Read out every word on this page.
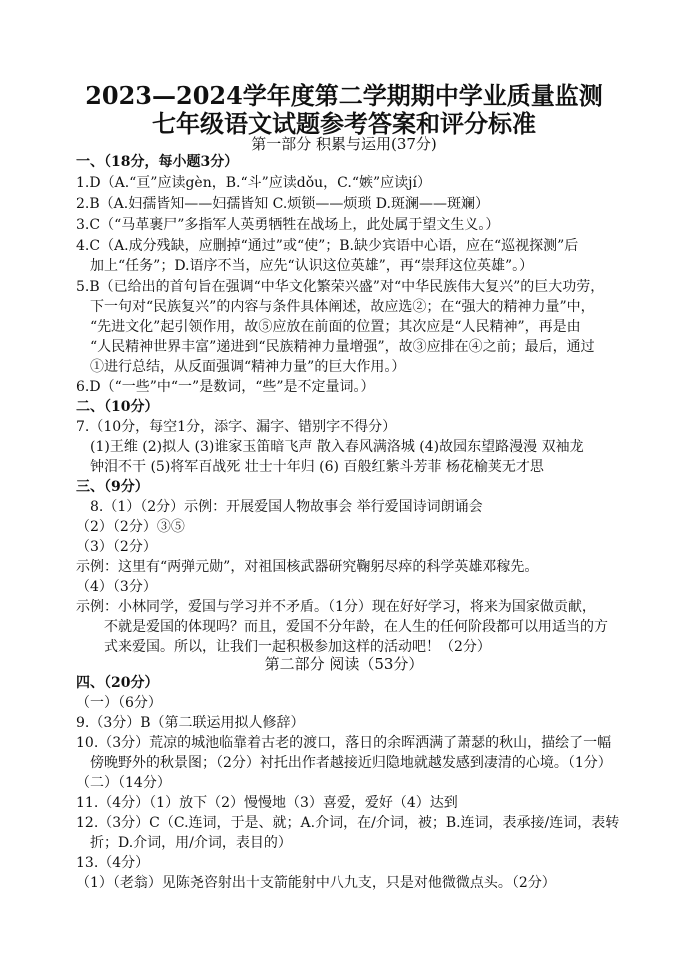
2023—2024学年度第二学期期中学业质量监测
七年级语文试题参考答案和评分标准
第一部分 积累与运用(37分)
一、（18分，每小题3分）
1.D（A.“亘”应读gèn，B.“斗”应读dǒu，C.“嫉”应读jí）
2.B（A.妇孺皆知——妇孺皆知 C.烦锁——烦琐 D.斑澜——斑斓）
3.C（“马革裹尸”多指军人英勇牺牲在战场上，此处属于望文生义。）
4.C（A.成分残缺，应删掉“通过”或“使”；B.缺少宾语中心语，应在“巡视探测”后
加上“任务”；D.语序不当，应先“认识这位英雄”，再“崇拜这位英雄”。）
5.B（已给出的首句旨在强调“中华文化繁荣兴盛”对“中华民族伟大复兴”的巨大功劳，
下一句对“民族复兴”的内容与条件具体阐述，故应选②；在“强大的精神力量”中，
“先进文化”起引领作用，故⑤应放在前面的位置；其次应是“人民精神”，再是由
“人民精神世界丰富”递进到“民族精神力量增强”，故③应排在④之前；最后，通过
①进行总结，从反面强调“精神力量”的巨大作用。）
6.D（“一些”中“一”是数词，“些”是不定量词。）
二、（10分）
7.（10分，每空1分，添字、漏字、错别字不得分）
(1)王维 (2)拟人 (3)谁家玉笛暗飞声 散入春风满洛城 (4)故园东望路漫漫 双袖龙
钟泪不干 (5)将军百战死 壮士十年归 (6) 百般红紫斗芳菲 杨花榆荚无才思
三、（9分）
8.（1）（2分）示例：开展爱国人物故事会 举行爱国诗词朗诵会
（2）（2分）③⑤
（3）（2分）
示例：这里有“两弹元勋”，对祖国核武器研究鞠躬尽瘁的科学英雄邓稼先。
（4）（3分）
示例：小林同学，爱国与学习并不矛盾。（1分）现在好好学习，将来为国家做贡献，
不就是爱国的体现吗？而且，爱国不分年龄，在人生的任何阶段都可以用适当的方
式来爱国。所以，让我们一起积极参加这样的活动吧！（2分）
第二部分 阅读（53分）
四、（20分）
（一）（6分）
9.（3分）B（第二联运用拟人修辞）
10.（3分）荒凉的城池临靠着古老的渡口，落日的余晖洒满了萧瑟的秋山，描绘了一幅
傍晚野外的秋景图；（2分）衬托出作者越接近归隐地就越发感到凄清的心境。（1分）
（二）（14分）
11.（4分）（1）放下（2）慢慢地（3）喜爱，爱好（4）达到
12.（3分）C（C.连词，于是、就；A.介词，在/介词，被；B.连词，表承接/连词，表转
折；D.介词，用/介词，表目的）
13.（4分）
（1）（老翁）见陈尧咨射出十支箭能射中八九支，只是对他微微点头。（2分）
